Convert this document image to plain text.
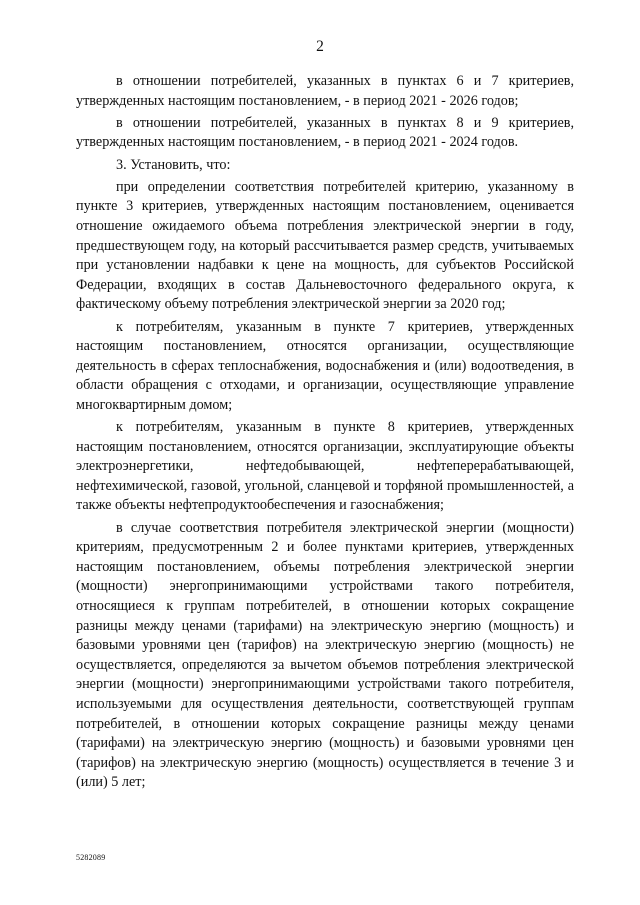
2

в отношении потребителей, указанных в пунктах 6 и 7 критериев, утвержденных настоящим постановлением, - в период 2021 - 2026 годов;

в отношении потребителей, указанных в пунктах 8 и 9 критериев, утвержденных настоящим постановлением, - в период 2021 - 2024 годов.

3. Установить, что:

при определении соответствия потребителей критерию, указанному в пункте 3 критериев, утвержденных настоящим постановлением, оценивается отношение ожидаемого объема потребления электрической энергии в году, предшествующем году, на который рассчитывается размер средств, учитываемых при установлении надбавки к цене на мощность, для субъектов Российской Федерации, входящих в состав Дальневосточного федерального округа, к фактическому объему потребления электрической энергии за 2020 год;

к потребителям, указанным в пункте 7 критериев, утвержденных настоящим постановлением, относятся организации, осуществляющие деятельность в сферах теплоснабжения, водоснабжения и (или) водоотведения, в области обращения с отходами, и организации, осуществляющие управление многоквартирным домом;

к потребителям, указанным в пункте 8 критериев, утвержденных настоящим постановлением, относятся организации, эксплуатирующие объекты электроэнергетики, нефтедобывающей, нефтеперерабатывающей, нефтехимической, газовой, угольной, сланцевой и торфяной промышленностей, а также объекты нефтепродуктообеспечения и газоснабжения;

в случае соответствия потребителя электрической энергии (мощности) критериям, предусмотренным 2 и более пунктами критериев, утвержденных настоящим постановлением, объемы потребления электрической энергии (мощности) энергопринимающими устройствами такого потребителя, относящиеся к группам потребителей, в отношении которых сокращение разницы между ценами (тарифами) на электрическую энергию (мощность) и базовыми уровнями цен (тарифов) на электрическую энергию (мощность) не осуществляется, определяются за вычетом объемов потребления электрической энергии (мощности) энергопринимающими устройствами такого потребителя, используемыми для осуществления деятельности, соответствующей группам потребителей, в отношении которых сокращение разницы между ценами (тарифами) на электрическую энергию (мощность) и базовыми уровнями цен (тарифов) на электрическую энергию (мощность) осуществляется в течение 3 и (или) 5 лет;

5282089
